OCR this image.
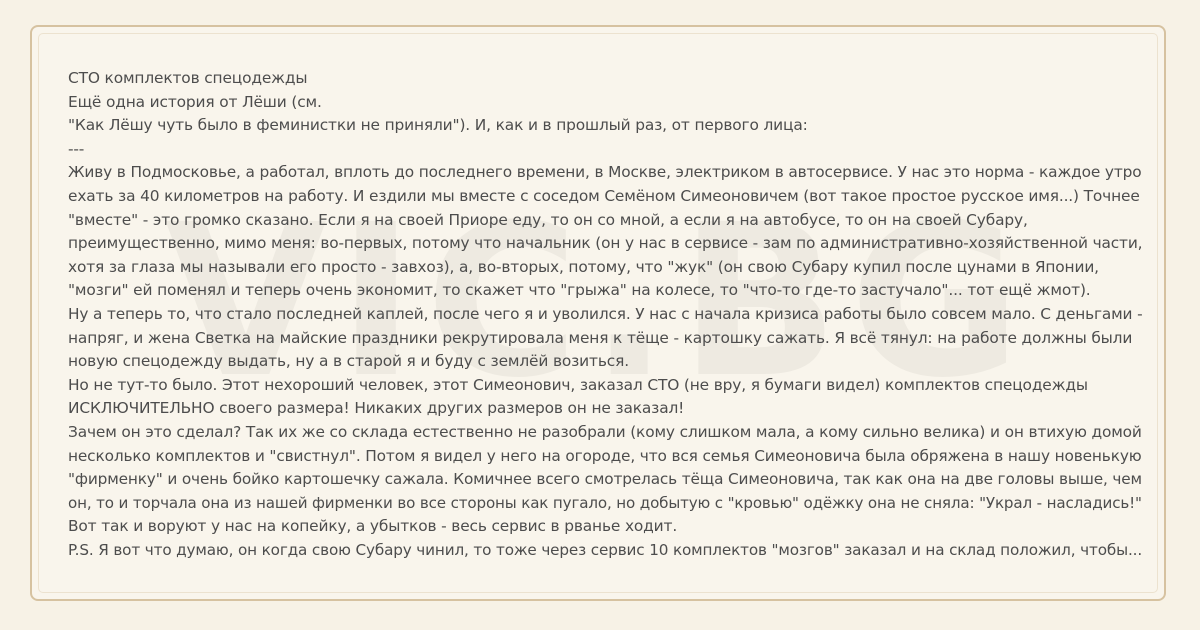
СТО комплектов спецодежды

Ещё одна история от Лёши (см.

"Как Лёшу чуть было в феминистки не приняли"). И, как и в прошлый раз, от первого лица:

---

Живу в Подмосковье, а работал, вплоть до последнего времени, в Москве, электриком в автосервисе. У нас это норма - каждое утро

ехать за 40 километров на работу. И ездили мы вместе с соседом Семёном Симеоновичем (вот такое простое русское имя...) Точнее

"вместе" - это громко сказано. Если я на своей Приоре еду, то он со мной, а если я на автобусе, то он на своей Субару,

преимущественно, мимо меня: во-первых, потому что начальник (он у нас в сервисе - зам по административно-хозяйственной части,

хотя за глаза мы называли его просто - завхоз), а, во-вторых, потому, что "жук" (он свою Субару купил после цунами в Японии,

"мозги" ей поменял и теперь очень экономит, то скажет что "грыжа" на колесе, то "что-то где-то застучало"... тот ещё жмот).

Ну а теперь то, что стало последней каплей, после чего я и уволился. У нас с начала кризиса работы было совсем мало. С деньгами -

напряг, и жена Светка на майские праздники рекрутировала меня к тёще - картошку сажать. Я всё тянул: на работе должны были

новую спецодежду выдать, ну а в старой я и буду с землёй возиться.

Но не тут-то было. Этот нехороший человек, этот Симеонович, заказал СТО (не вру, я бумаги видел) комплектов спецодежды

ИСКЛЮЧИТЕЛЬНО своего размера! Никаких других размеров он не заказал!

Зачем он это сделал? Так их же со склада естественно не разобрали (кому слишком мала, а кому сильно велика) и он втихую домой

несколько комплектов и "свистнул". Потом я видел у него на огороде, что вся семья Симеоновича была обряжена в нашу новенькую

"фирменку" и очень бойко картошечку сажала. Комичнее всего смотрелась тёща Симеоновича, так как она на две головы выше, чем

он, то и торчала она из нашей фирменки во все стороны как пугало, но добытую с "кровью" одёжку она не сняла: "Украл - насладись!"

Вот так и воруют у нас на копейку, а убытков - весь сервис в рванье ходит.

P.S. Я вот что думаю, он когда свою Субару чинил, то тоже через сервис 10 комплектов "мозгов" заказал и на склад положил, чтобы...
